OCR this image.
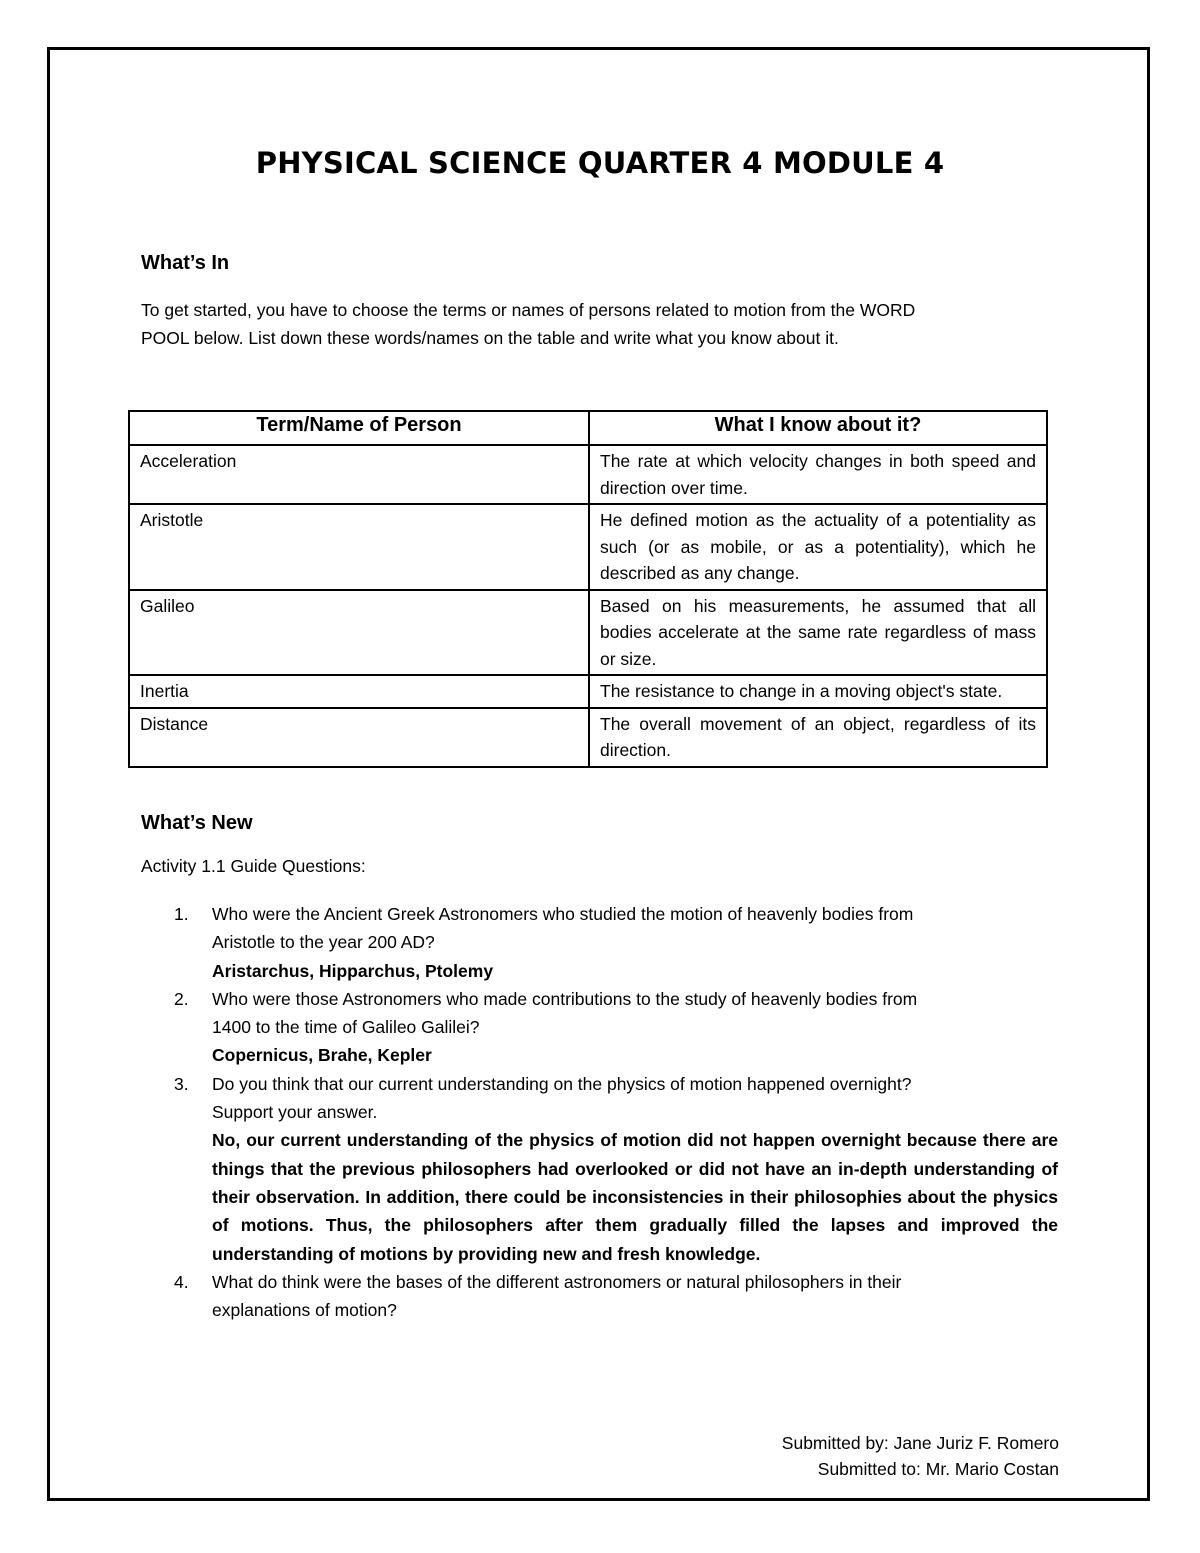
PHYSICAL SCIENCE QUARTER 4 MODULE 4
What’s In
To get started, you have to choose the terms or names of persons related to motion from the WORD
POOL below. List down these words/names on the table and write what you know about it.
Term/Name of Person	What I know about it?
Acceleration	The rate at which velocity changes in both speed and direction over time.
Aristotle	He defined motion as the actuality of a potentiality as such (or as mobile, or as a potentiality), which he described as any change.
Galileo	Based on his measurements, he assumed that all bodies accelerate at the same rate regardless of mass or size.
Inertia	The resistance to change in a moving object's state.
Distance	The overall movement of an object, regardless of its direction.
What’s New
Activity 1.1 Guide Questions:
1. Who were the Ancient Greek Astronomers who studied the motion of heavenly bodies from
Aristotle to the year 200 AD?
Aristarchus, Hipparchus, Ptolemy
2. Who were those Astronomers who made contributions to the study of heavenly bodies from
1400 to the time of Galileo Galilei?
Copernicus, Brahe, Kepler
3. Do you think that our current understanding on the physics of motion happened overnight?
Support your answer.
No, our current understanding of the physics of motion did not happen overnight because there are things that the previous philosophers had overlooked or did not have an in-depth understanding of their observation. In addition, there could be inconsistencies in their philosophies about the physics of motions. Thus, the philosophers after them gradually filled the lapses and improved the understanding of motions by providing new and fresh knowledge.
4. What do think were the bases of the different astronomers or natural philosophers in their
explanations of motion?
Submitted by: Jane Juriz F. Romero
Submitted to: Mr. Mario Costan
